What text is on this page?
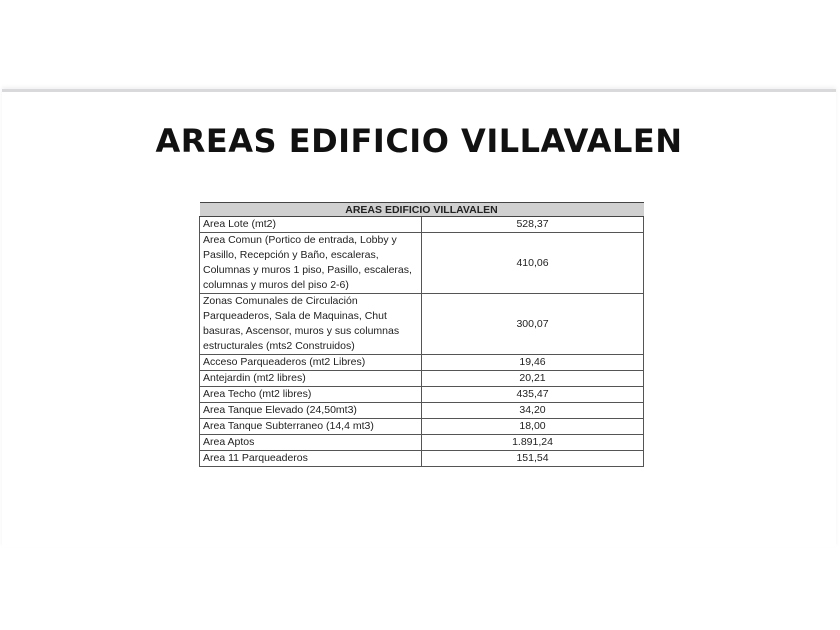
AREAS EDIFICIO VILLAVALEN
AREAS EDIFICIO VILLAVALEN	
Area Lote (mt2)	528,37
Area Comun (Portico de entrada, Lobby y Pasillo, Recepción y Baño, escaleras, Columnas y muros 1 piso, Pasillo, escaleras, columnas y muros del piso 2-6)	410,06
Zonas Comunales de Circulación Parqueaderos, Sala de Maquinas, Chut basuras, Ascensor, muros y sus columnas estructurales (mts2 Construidos)	300,07
Acceso Parqueaderos (mt2 Libres)	19,46
Antejardin (mt2 libres)	20,21
Area Techo (mt2 libres)	435,47
Area Tanque Elevado (24,50mt3)	34,20
Area Tanque Subterraneo (14,4 mt3)	18,00
Area Aptos	1.891,24
Area 11 Parqueaderos	151,54
